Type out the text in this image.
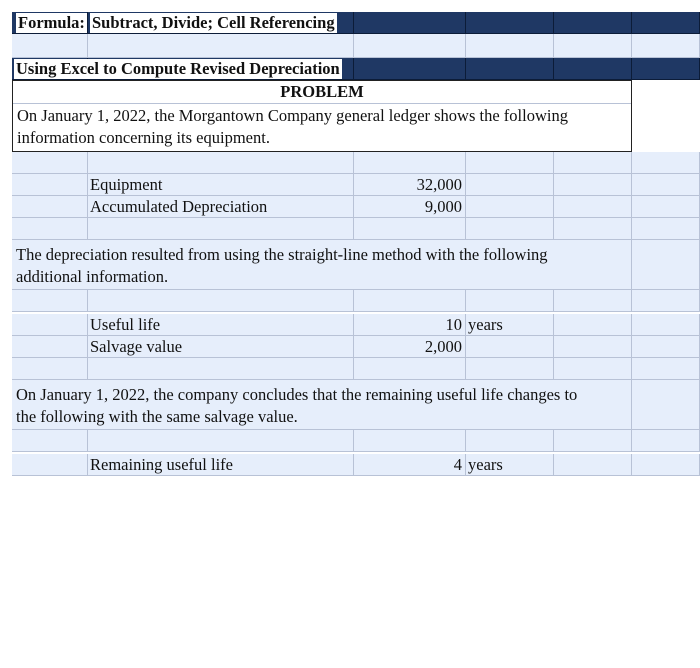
Formula: Subtract, Divide; Cell Referencing
Using Excel to Compute Revised Depreciation
PROBLEM
On January 1, 2022, the Morgantown Company general ledger shows the following
information concerning its equipment.
Equipment	32,000
Accumulated Depreciation	9,000
The depreciation resulted from using the straight-line method with the following
additional information.
Useful life	10 years
Salvage value	2,000
On January 1, 2022, the company concludes that the remaining useful life changes to
the following with the same salvage value.
Remaining useful life	4 years
